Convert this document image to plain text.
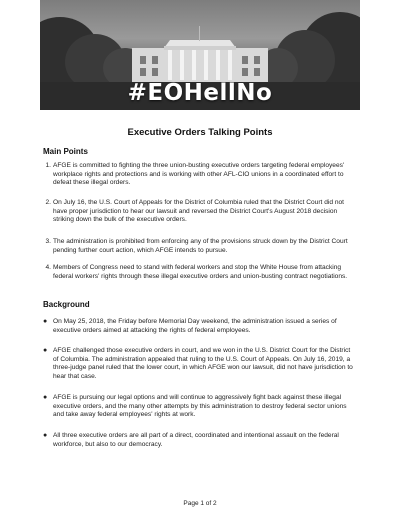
#EOHellNo
Executive Orders Talking Points
Main Points
1. AFGE is committed to fighting the three union-busting executive orders targeting federal employees' workplace rights and protections and is working with other AFL-CIO unions in a coordinated effort to defeat these illegal orders.
2. On July 16, the U.S. Court of Appeals for the District of Columbia ruled that the District Court did not have proper jurisdiction to hear our lawsuit and reversed the District Court's August 2018 decision striking down the bulk of the executive orders.
3. The administration is prohibited from enforcing any of the provisions struck down by the District Court pending further court action, which AFGE intends to pursue.
4. Members of Congress need to stand with federal workers and stop the White House from attacking federal workers' rights through these illegal executive orders and union-busting contract negotiations.
Background
● On May 25, 2018, the Friday before Memorial Day weekend, the administration issued a series of executive orders aimed at attacking the rights of federal employees.
● AFGE challenged those executive orders in court, and we won in the U.S. District Court for the District of Columbia. The administration appealed that ruling to the U.S. Court of Appeals. On July 16, 2019, a three-judge panel ruled that the lower court, in which AFGE won our lawsuit, did not have jurisdiction to hear that case.
● AFGE is pursuing our legal options and will continue to aggressively fight back against these illegal executive orders, and the many other attempts by this administration to destroy federal sector unions and take away federal employees' rights at work.
● All three executive orders are all part of a direct, coordinated and intentional assault on the federal workforce, but also to our democracy.
Page 1 of 2
